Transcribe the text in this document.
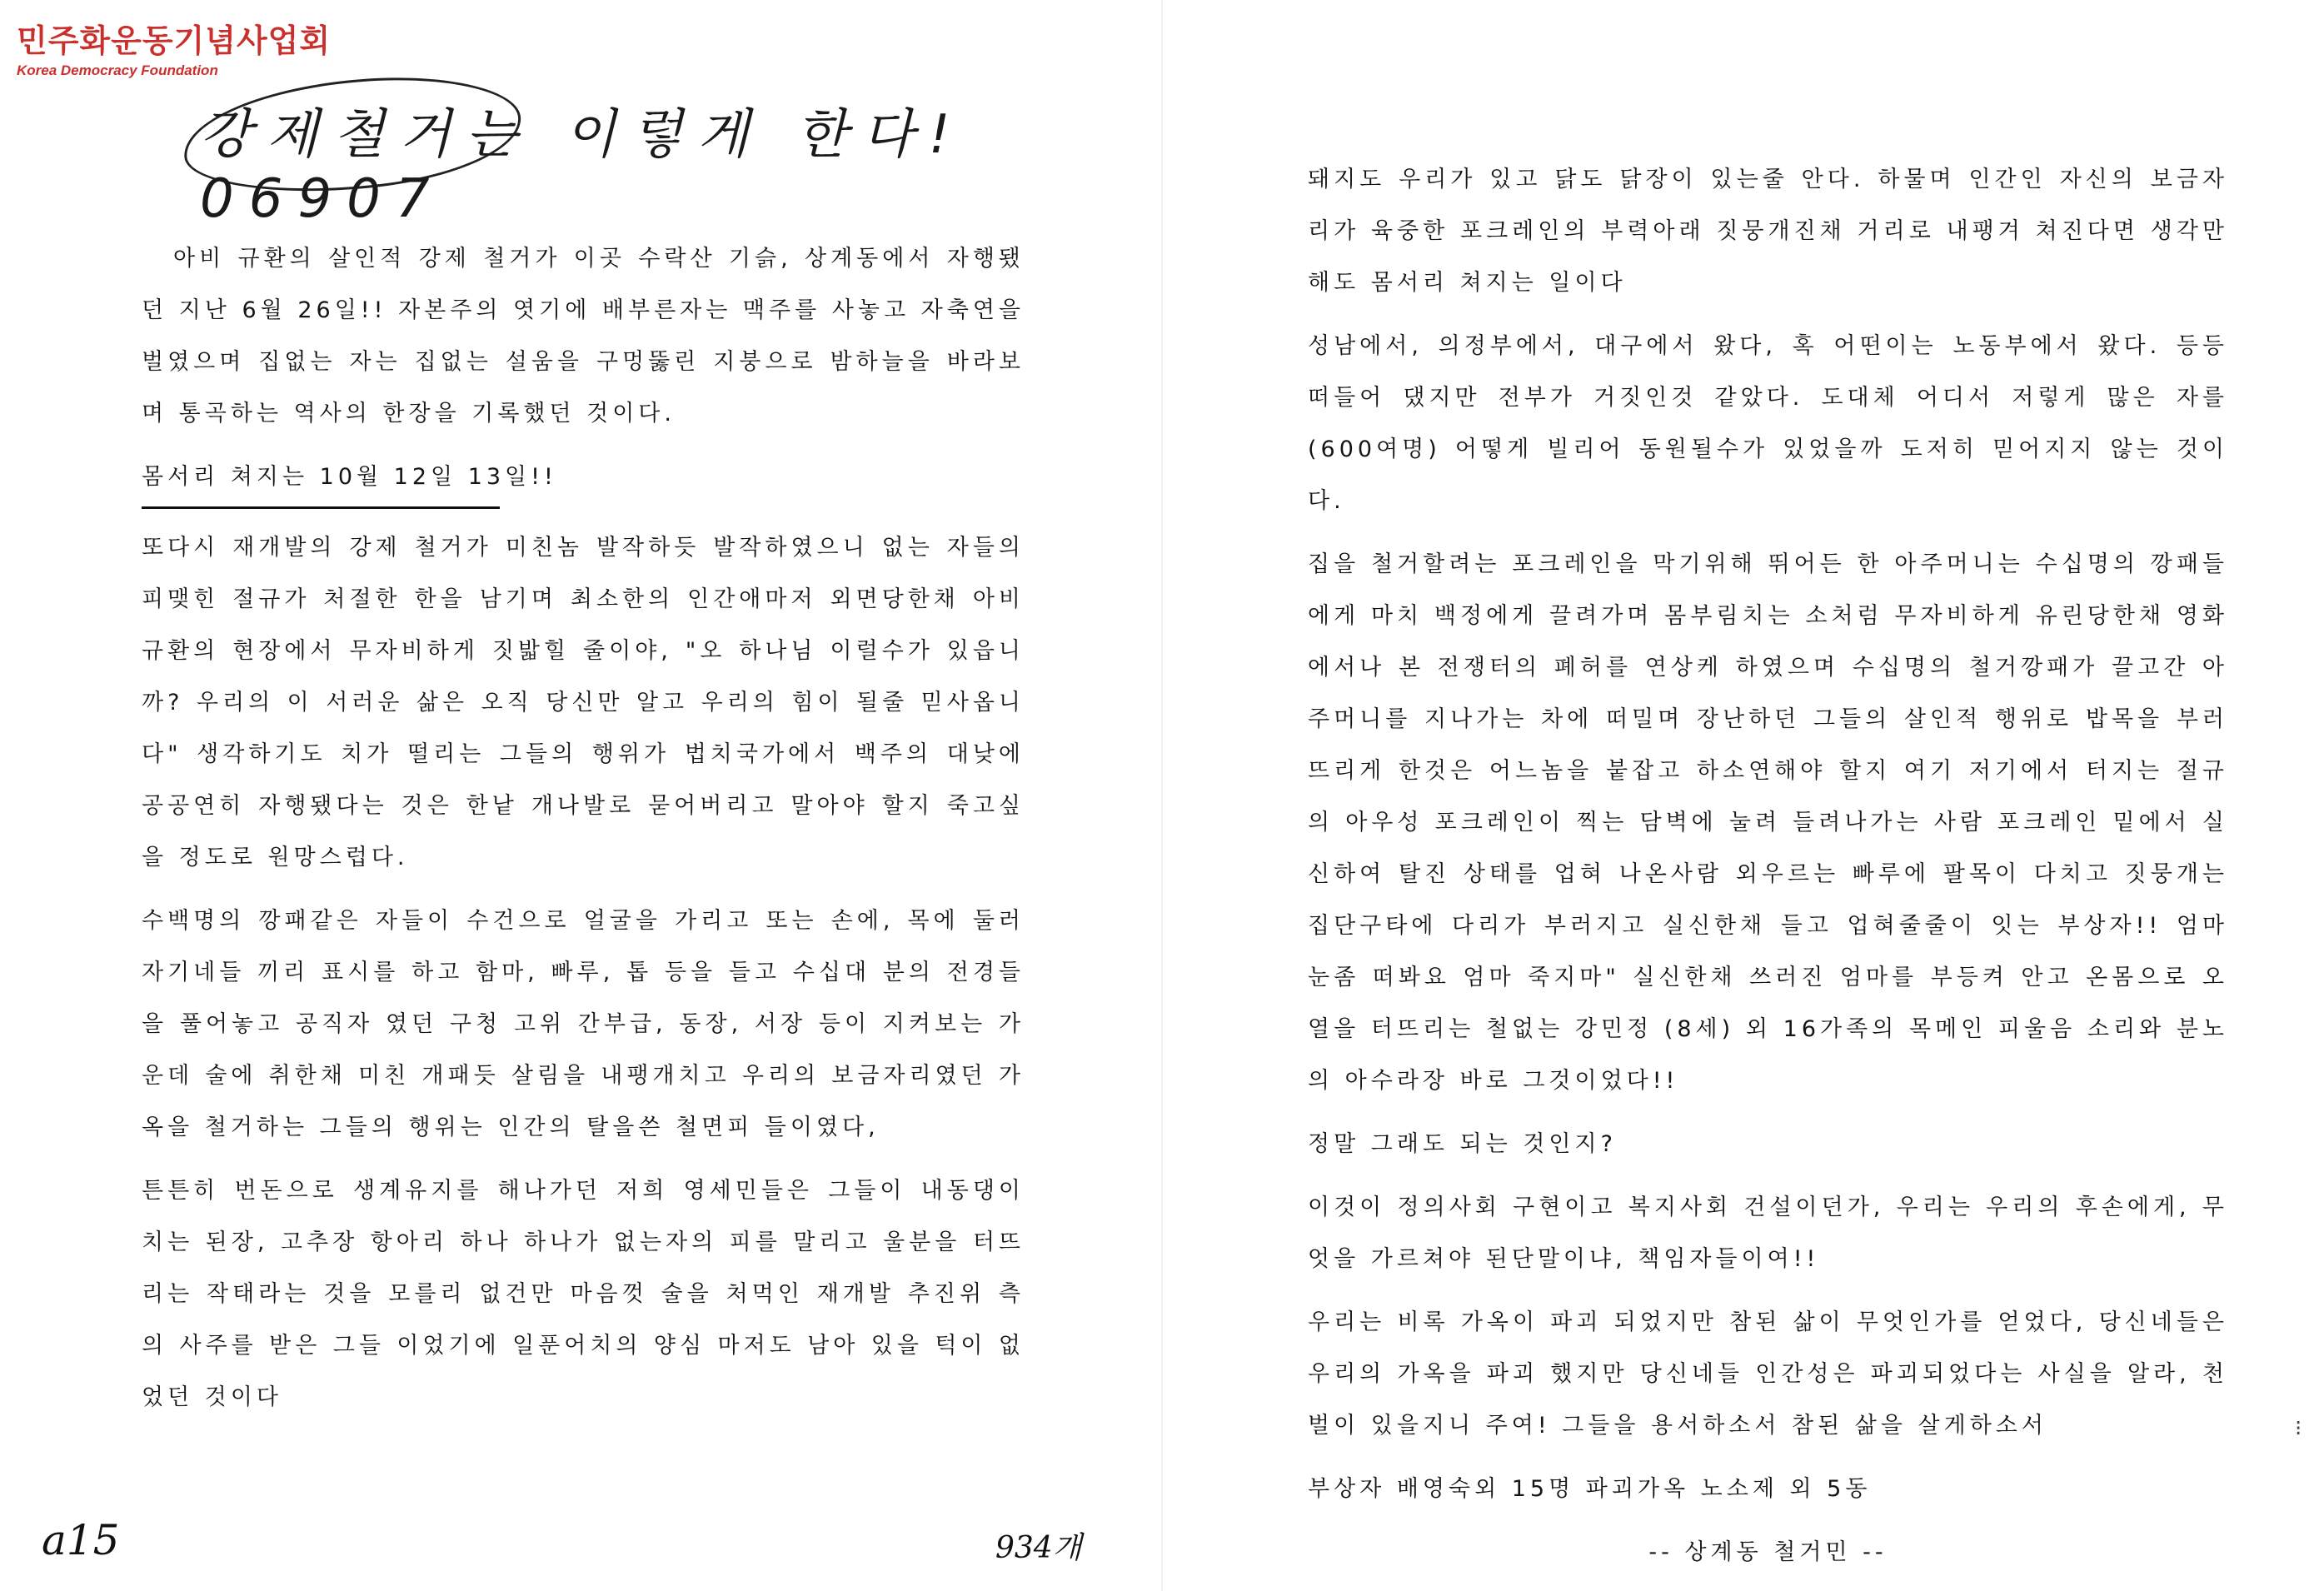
민주화운동기념사업회
Korea Democracy Foundation
강제철거는 이렇게 한다! 06907

아비 규환의 살인적 강제 철거가 이곳 수락산 기슭, 상계동에서 자행됐던 지난 6월 26일!! 자본주의 엿기에 배부른자는 맥주를 사놓고 자축연을 벌였으며 집없는 자는 집없는 설움을 구멍뚫린 지붕으로 밤하늘을 바라보며 통곡하는 역사의 한장을 기록했던 것이다.

몸서리 쳐지는 10월 12일 13일!!

또다시 재개발의 강제 철거가 미친놈 발작하듯 발작하였으니 없는 자들의 피맺힌 절규가 처절한 한을 남기며 최소한의 인간애마저 외면당한채 아비규환의 현장에서 무자비하게 짓밟힐 줄이야, "오 하나님 이럴수가 있읍니까? 우리의 이 서러운 삶은 오직 당신만 알고 우리의 힘이 될줄 믿사옵니다" 생각하기도 치가 떨리는 그들의 행위가 법치국가에서 백주의 대낮에 공공연히 자행됐다는 것은 한낱 개나발로 묻어버리고 말아야 할지 죽고싶을 정도로 원망스럽다.

수백명의 깡패같은 자들이 수건으로 얼굴을 가리고 또는 손에, 목에 둘러 자기네들 끼리 표시를 하고 함마, 빠루, 톱 등을 들고 수십대 분의 전경들을 풀어놓고 공직자 였던 구청 고위 간부급, 동장, 서장 등이 지켜보는 가운데 술에 취한채 미친 개패듯 살림을 내팽개치고 우리의 보금자리였던 가옥을 철거하는 그들의 행위는 인간의 탈을쓴 철면피 들이였다,

튼튼히 번돈으로 생계유지를 해나가던 저희 영세민들은 그들이 내동댕이 치는 된장, 고추장 항아리 하나 하나가 없는자의 피를 말리고 울분을 터뜨리는 작태라는 것을 모를리 없건만 마음껏 술을 처먹인 재개발 추진위 측의 사주를 받은 그들 이었기에 일푼어치의 양심 마저도 남아 있을 턱이 없었던 것이다

a15	934개

돼지도 우리가 있고 닭도 닭장이 있는줄 안다. 하물며 인간인 자신의 보금자리가 육중한 포크레인의 부력아래 짓뭉개진채 거리로 내팽겨 쳐진다면 생각만해도 몸서리 쳐지는 일이다

성남에서, 의정부에서, 대구에서 왔다, 혹 어떤이는 노동부에서 왔다. 등등 떠들어 댔지만 전부가 거짓인것 같았다. 도대체 어디서 저렇게 많은 자를 (600여명) 어떻게 빌리어 동원될수가 있었을까 도저히 믿어지지 않는 것이다.

집을 철거할려는 포크레인을 막기위해 뛰어든 한 아주머니는 수십명의 깡패들에게 마치 백정에게 끌려가며 몸부림치는 소처럼 무자비하게 유린당한채 영화에서나 본 전쟁터의 폐허를 연상케 하였으며 수십명의 철거깡패가 끌고간 아주머니를 지나가는 차에 떠밀며 장난하던 그들의 살인적 행위로 밥목을 부러뜨리게 한것은 어느놈을 붙잡고 하소연해야 할지 여기 저기에서 터지는 절규의 아우성 포크레인이 찍는 담벽에 눌려 들려나가는 사람 포크레인 밑에서 실신하여 탈진 상태를 업혀 나온사람 외우르는 빠루에 팔목이 다치고 짓뭉개는 집단구타에 다리가 부러지고 실신한채 들고 업혀줄줄이 잇는 부상자!! 엄마 눈좀 떠봐요 엄마 죽지마" 실신한채 쓰러진 엄마를 부등켜 안고 온몸으로 오열을 터뜨리는 철없는 강민정 (8세) 외 16가족의 목메인 피울음 소리와 분노의 아수라장 바로 그것이었다!!

정말 그래도 되는 것인지?

이것이 정의사회 구현이고 복지사회 건설이던가, 우리는 우리의 후손에게, 무엇을 가르쳐야 된단말이냐, 책임자들이여!!

우리는 비록 가옥이 파괴 되었지만 참된 삶이 무엇인가를 얻었다, 당신네들은 우리의 가옥을 파괴 했지만 당신네들 인간성은 파괴되었다는 사실을 알라, 천벌이 있을지니 주여! 그들을 용서하소서 참된 삶을 살게하소서

부상자 배영숙외 15명 파괴가옥 노소제 외 5동

-- 상계동 철거민 --
⁝
